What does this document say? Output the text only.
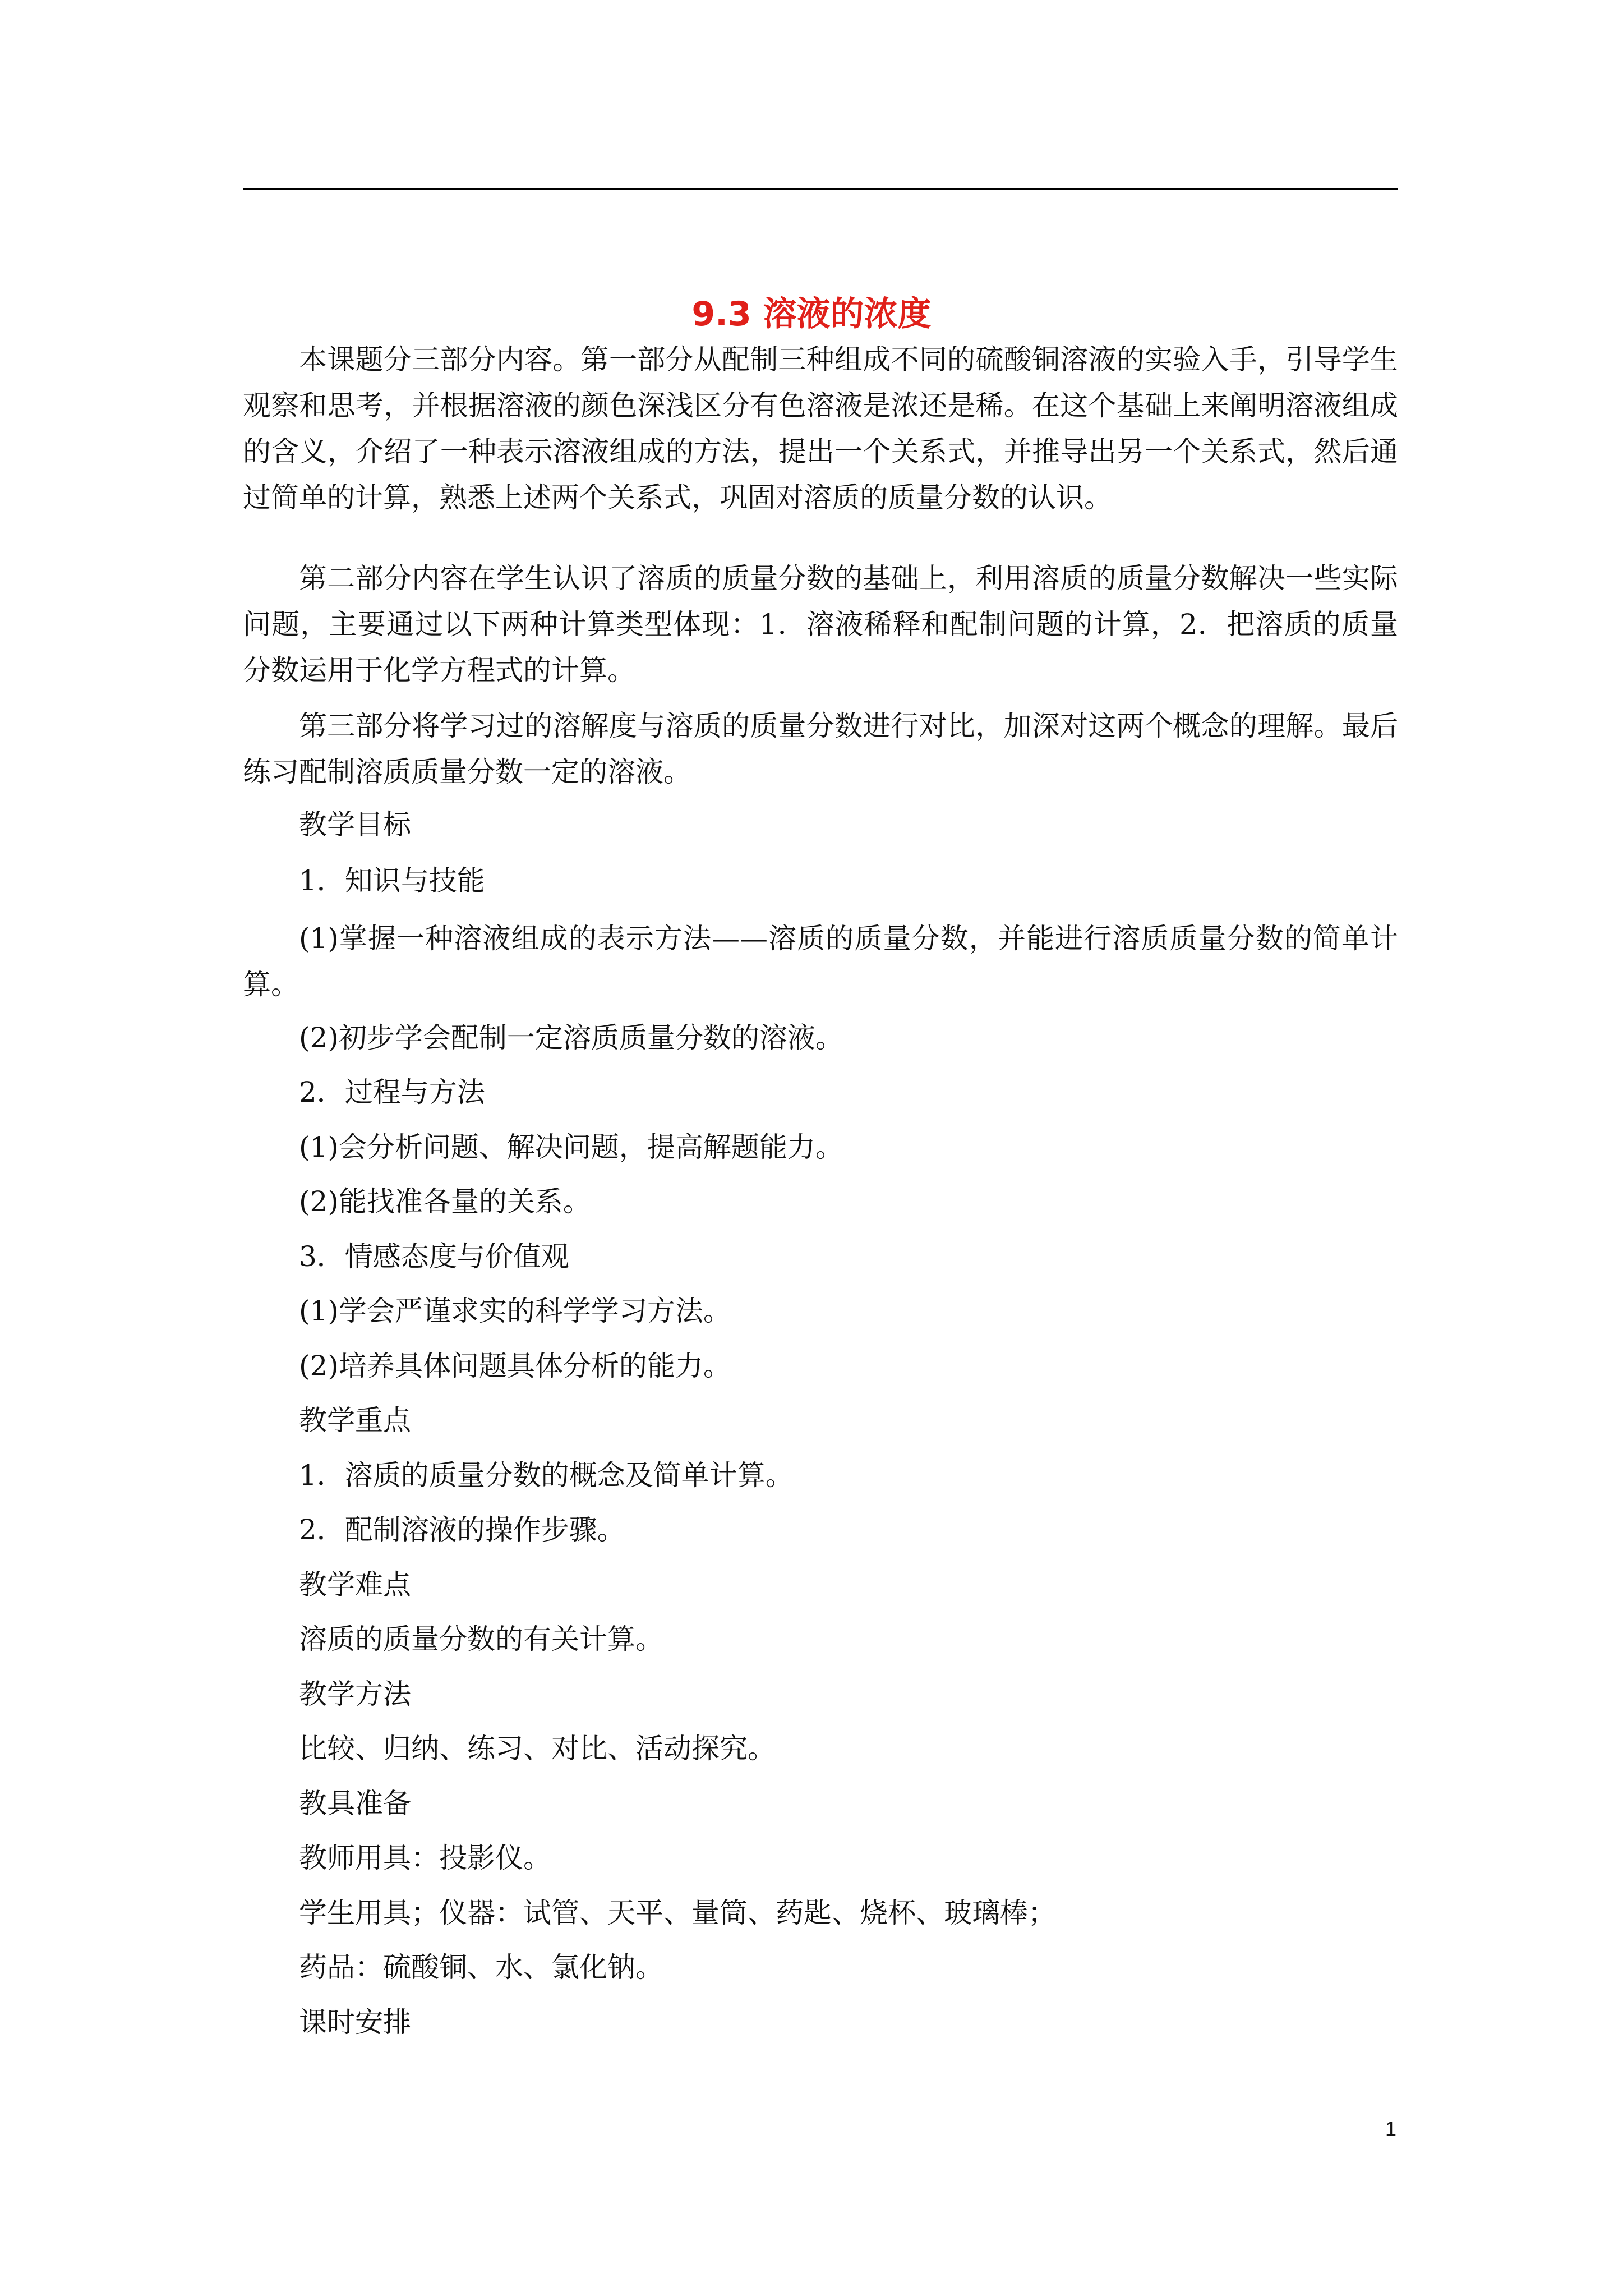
9.3 溶液的浓度

本课题分三部分内容。第一部分从配制三种组成不同的硫酸铜溶液的实验入手，引导学生观察和思考，并根据溶液的颜色深浅区分有色溶液是浓还是稀。在这个基础上来阐明溶液组成的含义，介绍了一种表示溶液组成的方法，提出一个关系式，并推导出另一个关系式，然后通过简单的计算，熟悉上述两个关系式，巩固对溶质的质量分数的认识。

第二部分内容在学生认识了溶质的质量分数的基础上，利用溶质的质量分数解决一些实际问题，主要通过以下两种计算类型体现：1．溶液稀释和配制问题的计算，2．把溶质的质量分数运用于化学方程式的计算。

第三部分将学习过的溶解度与溶质的质量分数进行对比，加深对这两个概念的理解。最后练习配制溶质质量分数一定的溶液。

教学目标
1．知识与技能

(1)掌握一种溶液组成的表示方法——溶质的质量分数，并能进行溶质质量分数的简单计算。

(2)初步学会配制一定溶质质量分数的溶液。
2．过程与方法
(1)会分析问题、解决问题，提高解题能力。
(2)能找准各量的关系。
3．情感态度与价值观
(1)学会严谨求实的科学学习方法。
(2)培养具体问题具体分析的能力。
教学重点
1．溶质的质量分数的概念及简单计算。
2．配制溶液的操作步骤。
教学难点
溶质的质量分数的有关计算。
教学方法
比较、归纳、练习、对比、活动探究。
教具准备
教师用具：投影仪。
学生用具；仪器：试管、天平、量筒、药匙、烧杯、玻璃棒；
药品：硫酸铜、水、氯化钠。
课时安排
1
